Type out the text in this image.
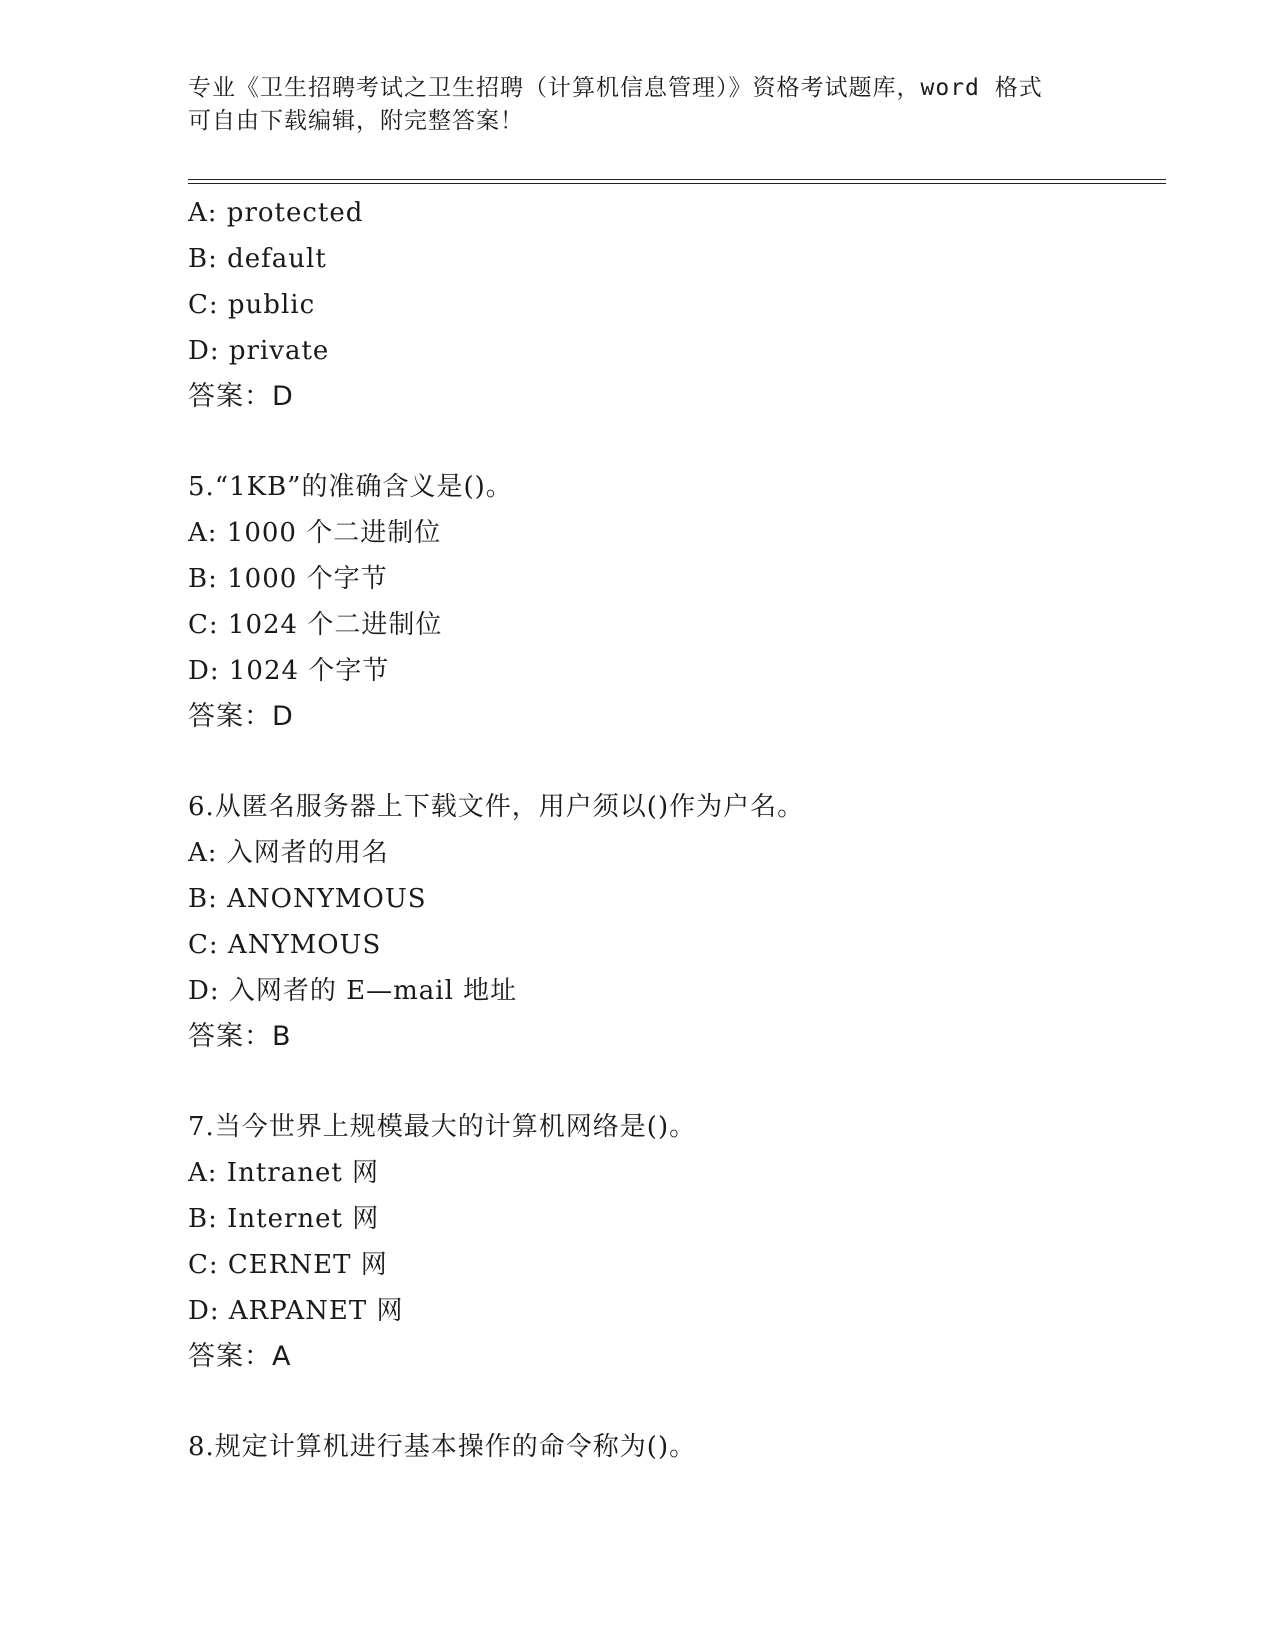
专业《卫生招聘考试之卫生招聘（计算机信息管理）》资格考试题库，word 格式
可自由下载编辑，附完整答案！
A: protected
B: default
C: public
D: private
答案：D
5.“1KB”的准确含义是()。
A: 1000 个二进制位
B: 1000 个字节
C: 1024 个二进制位
D: 1024 个字节
答案：D
6.从匿名服务器上下载文件，用户须以()作为户名。
A: 入网者的用名
B: ANONYMOUS
C: ANYMOUS
D: 入网者的 E—mail 地址
答案：B
7.当今世界上规模最大的计算机网络是()。
A: Intranet 网
B: Internet 网
C: CERNET 网
D: ARPANET 网
答案：A
8.规定计算机进行基本操作的命令称为()。
